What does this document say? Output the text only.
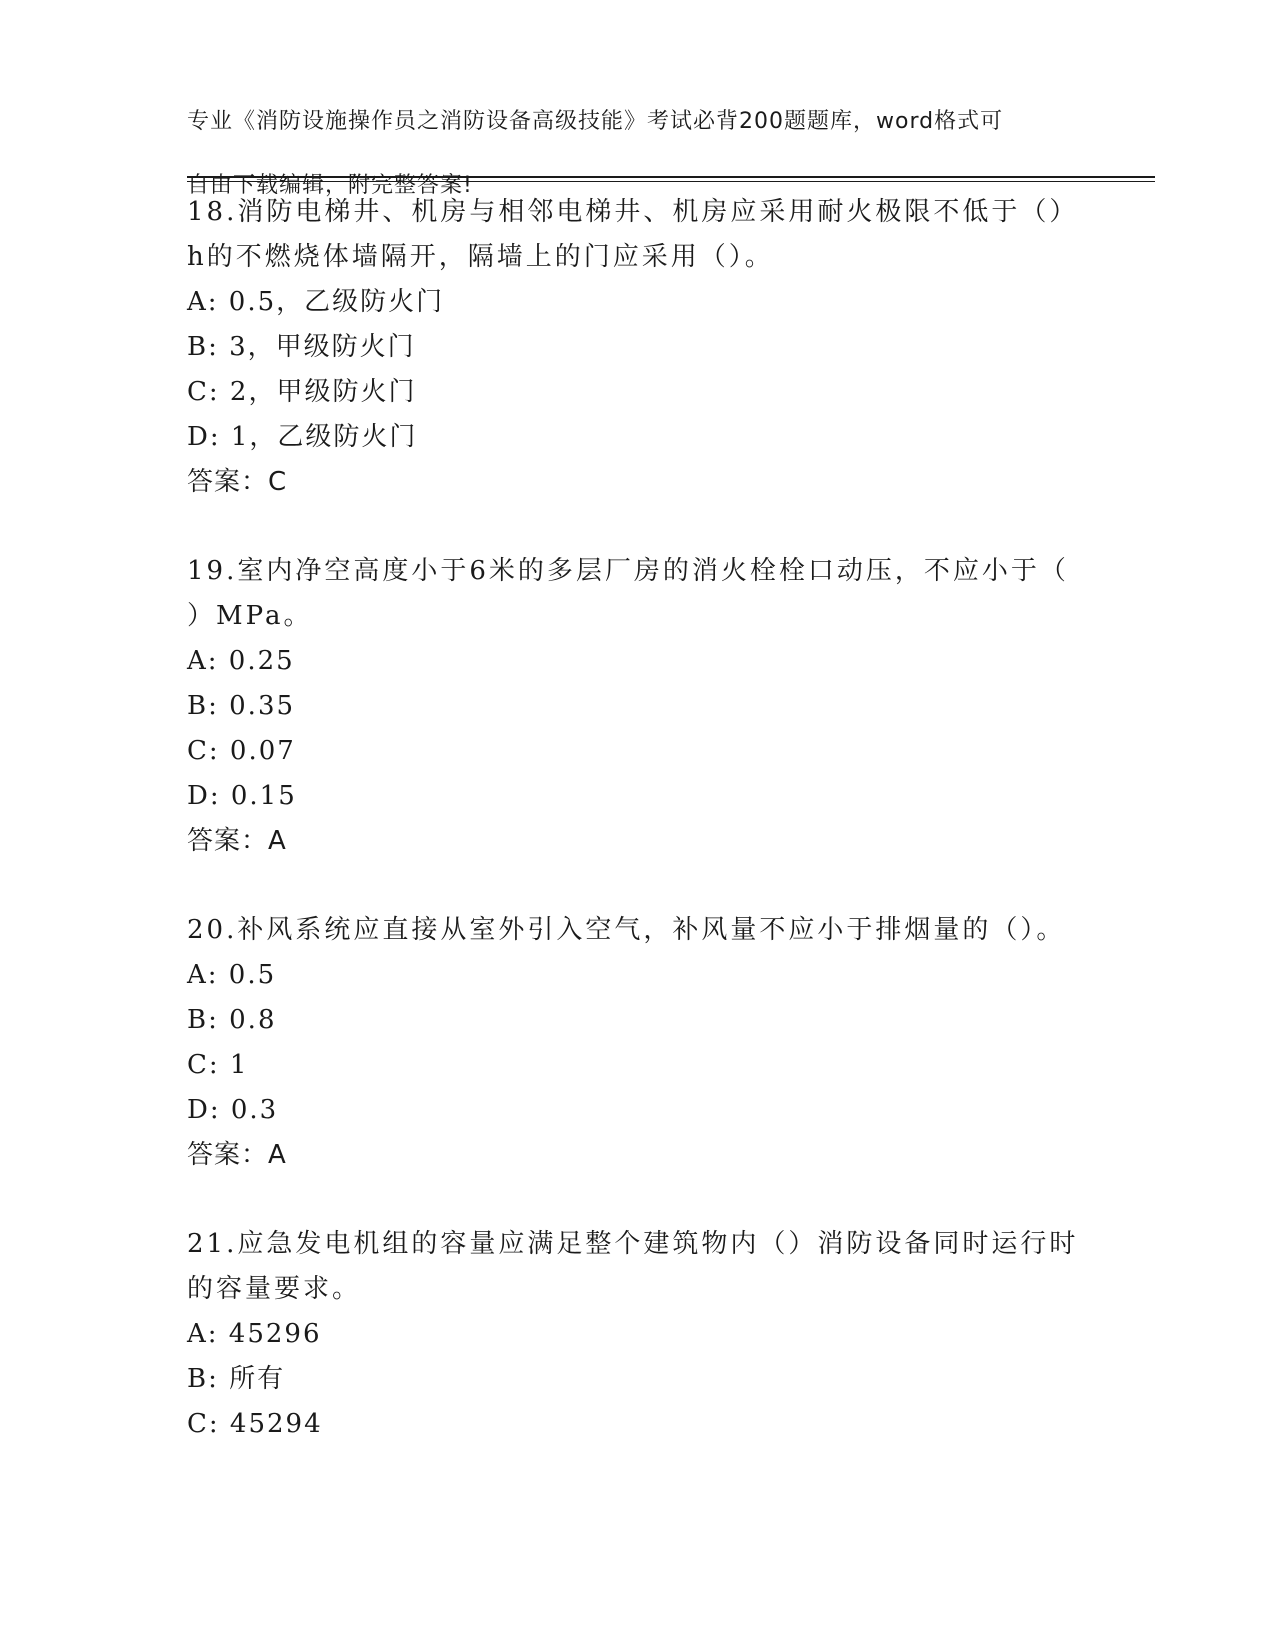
专业《消防设施操作员之消防设备高级技能》考试必背200题题库，word格式可

自由下载编辑，附完整答案!

18.消防电梯井、机房与相邻电梯井、机房应采用耐火极限不低于（）

h的不燃烧体墙隔开，隔墙上的门应采用（）。

A: 0.5，乙级防火门

B: 3，甲级防火门

C: 2，甲级防火门

D: 1，乙级防火门

答案：C

19.室内净空高度小于6米的多层厂房的消火栓栓口动压，不应小于（

）MPa。

A: 0.25

B: 0.35

C: 0.07

D: 0.15

答案：A

20.补风系统应直接从室外引入空气，补风量不应小于排烟量的（）。

A: 0.5

B: 0.8

C: 1

D: 0.3

答案：A

21.应急发电机组的容量应满足整个建筑物内（）消防设备同时运行时

的容量要求。

A: 45296

B: 所有

C: 45294
